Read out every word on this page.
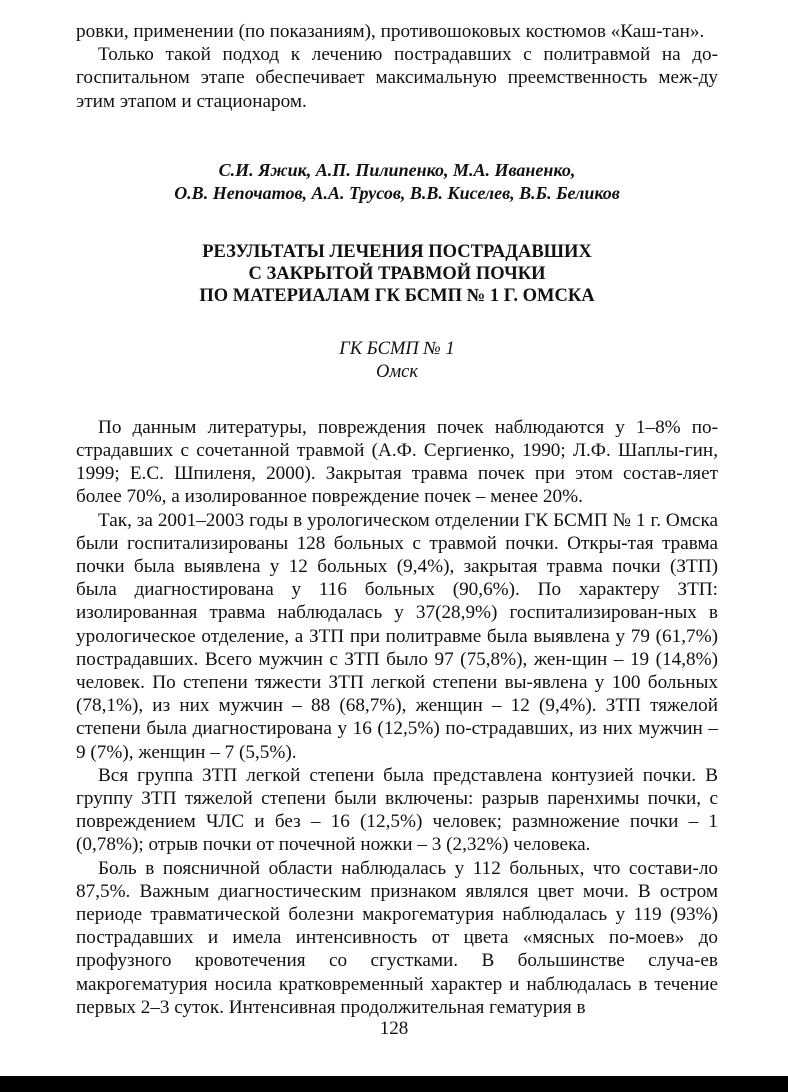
ровки, применении (по показаниям), противошоковых костюмов «Каш-тан».

Только такой подход к лечению пострадавших с политравмой на до-госпитальном этапе обеспечивает максимальную преемственность меж-ду этим этапом и стационаром.

С.И. Яжик, А.П. Пилипенко, М.А. Иваненко,
О.В. Непочатов, А.А. Трусов, В.В. Киселев, В.Б. Беликов
РЕЗУЛЬТАТЫ ЛЕЧЕНИЯ ПОСТРАДАВШИХ
С ЗАКРЫТОЙ ТРАВМОЙ ПОЧКИ
ПО МАТЕРИАЛАМ ГК БСМП № 1 Г. ОМСКА
ГК БСМП № 1
Омск

По данным литературы, повреждения почек наблюдаются у 1–8% по-страдавших с сочетанной травмой (А.Ф. Сергиенко, 1990; Л.Ф. Шаплы-гин, 1999; Е.С. Шпиленя, 2000). Закрытая травма почек при этом состав-ляет более 70%, а изолированное повреждение почек – менее 20%.

Так, за 2001–2003 годы в урологическом отделении ГК БСМП № 1 г. Омска были госпитализированы 128 больных с травмой почки. Откры-тая травма почки была выявлена у 12 больных (9,4%), закрытая травма почки (ЗТП) была диагностирована у 116 больных (90,6%). По характеру ЗТП: изолированная травма наблюдалась у 37(28,9%) госпитализирован-ных в урологическое отделение, а ЗТП при политравме была выявлена у 79 (61,7%) пострадавших. Всего мужчин с ЗТП было 97 (75,8%), жен-щин – 19 (14,8%) человек. По степени тяжести ЗТП легкой степени вы-явлена у 100 больных (78,1%), из них мужчин – 88 (68,7%), женщин – 12 (9,4%). ЗТП тяжелой степени была диагностирована у 16 (12,5%) по-страдавших, из них мужчин – 9 (7%), женщин – 7 (5,5%).

Вся группа ЗТП легкой степени была представлена контузией почки. В группу ЗТП тяжелой степени были включены: разрыв паренхимы почки, с повреждением ЧЛС и без – 16 (12,5%) человек; размножение почки – 1 (0,78%); отрыв почки от почечной ножки – 3 (2,32%) человека.

Боль в поясничной области наблюдалась у 112 больных, что состави-ло 87,5%. Важным диагностическим признаком являлся цвет мочи. В остром периоде травматической болезни макрогематурия наблюдалась у 119 (93%) пострадавших и имела интенсивность от цвета «мясных по-моев» до профузного кровотечения со сгустками. В большинстве случа-ев макрогематурия носила кратковременный характер и наблюдалась в течение первых 2–3 суток. Интенсивная продолжительная гематурия в

128
